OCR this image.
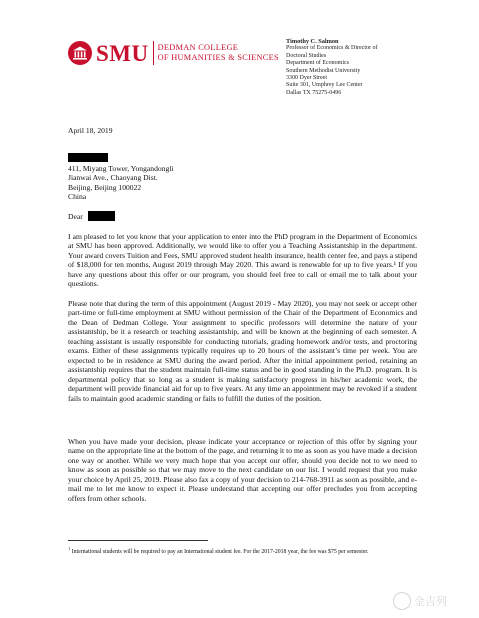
SMU DEDMAN COLLEGE
OF HUMANITIES & SCIENCES
Timothy C. Salmon
Professor of Economics & Director of
Doctoral Studies
Department of Economics
Southern Methodist University
3300 Dyer Street
Suite 301, Umphrey Lee Center
Dallas TX 75275-0496
April 18, 2019
411, Miyang Tower, Yongandongli
Jianwai Ave., Chaoyang Dist.
Beijing, Beijing 100022
China
Dear

I am pleased to let you know that your application to enter into the PhD program in the Department of Economics at SMU has been approved. Additionally, we would like to offer you a Teaching Assistantship in the department. Your award covers Tuition and Fees, SMU approved student health insurance, health center fee, and pays a stipend of $18,000 for ten months, August 2019 through May 2020. This award is renewable for up to five years.¹ If you have any questions about this offer or our program, you should feel free to call or email me to talk about your questions.

Please note that during the term of this appointment (August 2019 - May 2020), you may not seek or accept other part-time or full-time employment at SMU without permission of the Chair of the Department of Economics and the Dean of Dedman College. Your assignment to specific professors will determine the nature of your assistantship, be it a research or teaching assistantship, and will be known at the beginning of each semester. A teaching assistant is usually responsible for conducting tutorials, grading homework and/or tests, and proctoring exams. Either of these assignments typically requires up to 20 hours of the assistant’s time per week. You are expected to be in residence at SMU during the award period. After the initial appointment period, retaining an assistantship requires that the student maintain full-time status and be in good standing in the Ph.D. program. It is departmental policy that so long as a student is making satisfactory progress in his/her academic work, the department will provide financial aid for up to five years. At any time an appointment may be revoked if a student fails to maintain good academic standing or fails to fulfill the duties of the position.

When you have made your decision, please indicate your acceptance or rejection of this offer by signing your name on the appropriate line at the bottom of the page, and returning it to me as soon as you have made a decision one way or another. While we very much hope that you accept our offer, should you decide not to we need to know as soon as possible so that we may move to the next candidate on our list. I would request that you make your choice by April 25, 2019. Please also fax a copy of your decision to 214-768-3911 as soon as possible, and e-mail me to let me know to expect it. Please understand that accepting our offer precludes you from accepting offers from other schools.

$^1$ International students will be required to pay an International student fee. For the 2017-2018 year, the fee was $75 per semester.
金吉列
